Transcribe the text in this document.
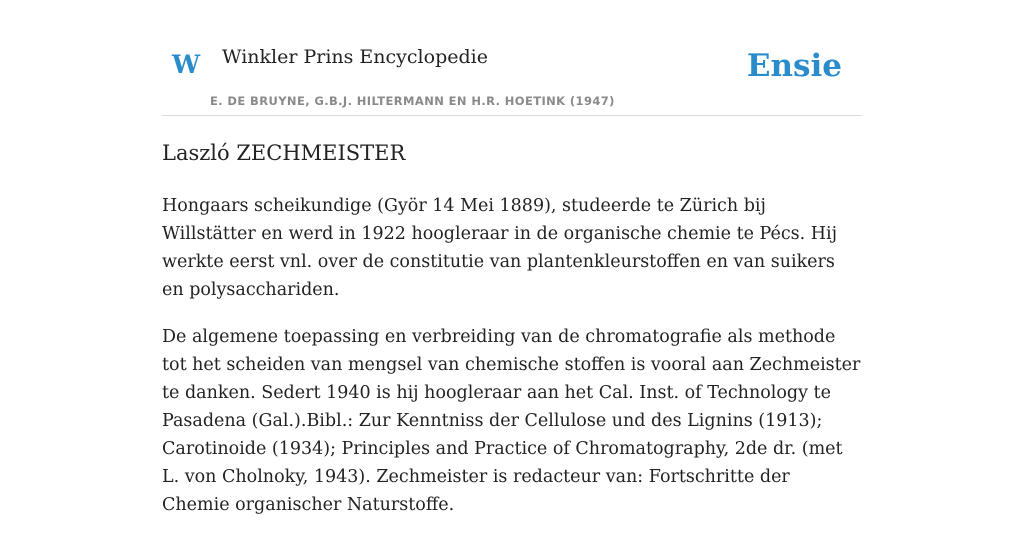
W Winkler Prins Encyclopedie
E. DE BRUYNE, G.B.J. HILTERMANN EN H.R. HOETINK (1947)
Ensie
Laszló ZECHMEISTER

Hongaars scheikundige (Györ 14 Mei 1889), studeerde te Zürich bij Willstätter en werd in 1922 hoogleraar in de organische chemie te Pécs. Hij werkte eerst vnl. over de constitutie van plantenkleurstoffen en van suikers en polysacchariden.

De algemene toepassing en verbreiding van de chromatografie als methode tot het scheiden van mengsel van chemische stoffen is vooral aan Zechmeister te danken. Sedert 1940 is hij hoogleraar aan het Cal. Inst. of Technology te Pasadena (Gal.).Bibl.: Zur Kenntniss der Cellulose und des Lignins (1913); Carotinoide (1934); Principles and Practice of Chromatography, 2de dr. (met L. von Cholnoky, 1943). Zechmeister is redacteur van: Fortschritte der Chemie organischer Naturstoffe.
